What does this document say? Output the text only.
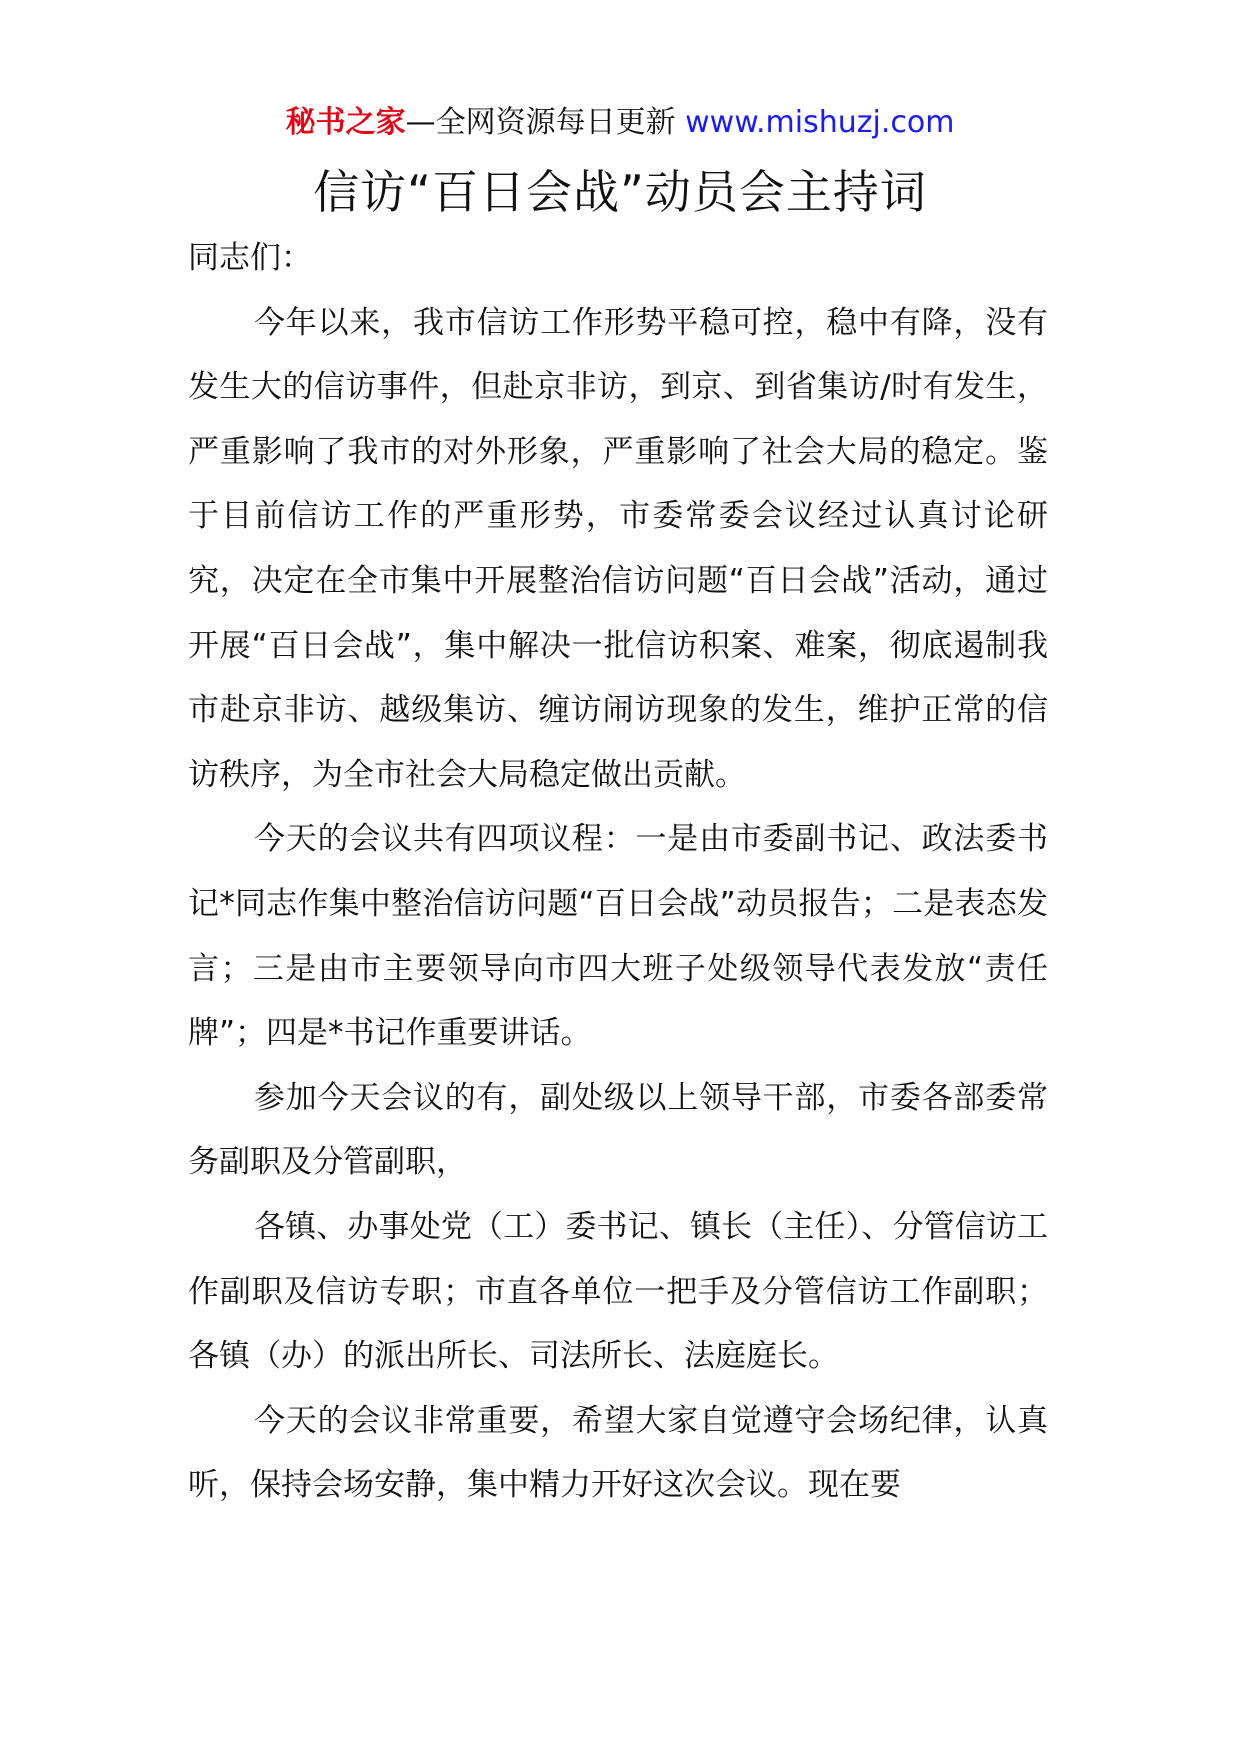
秘书之家—全网资源每日更新 www.mishuzj.com
信访“百日会战”动员会主持词

同志们：

今年以来，我市信访工作形势平稳可控，稳中有降，没有发生大的信访事件，但赴京非访，到京、到省集访/时有发生，严重影响了我市的对外形象，严重影响了社会大局的稳定。鉴于目前信访工作的严重形势，市委常委会议经过认真讨论研究，决定在全市集中开展整治信访问题“百日会战”活动，通过开展“百日会战”，集中解决一批信访积案、难案，彻底遏制我市赴京非访、越级集访、缠访闹访现象的发生，维护正常的信访秩序，为全市社会大局稳定做出贡献。

今天的会议共有四项议程：一是由市委副书记、政法委书记*同志作集中整治信访问题“百日会战”动员报告；二是表态发言；三是由市主要领导向市四大班子处级领导代表发放“责任牌”；四是*书记作重要讲话。

参加今天会议的有，副处级以上领导干部，市委各部委常务副职及分管副职，

各镇、办事处党（工）委书记、镇长（主任）、分管信访工作副职及信访专职；市直各单位一把手及分管信访工作副职；各镇（办）的派出所长、司法所长、法庭庭长。

今天的会议非常重要，希望大家自觉遵守会场纪律，认真听，保持会场安静，集中精力开好这次会议。现在要
